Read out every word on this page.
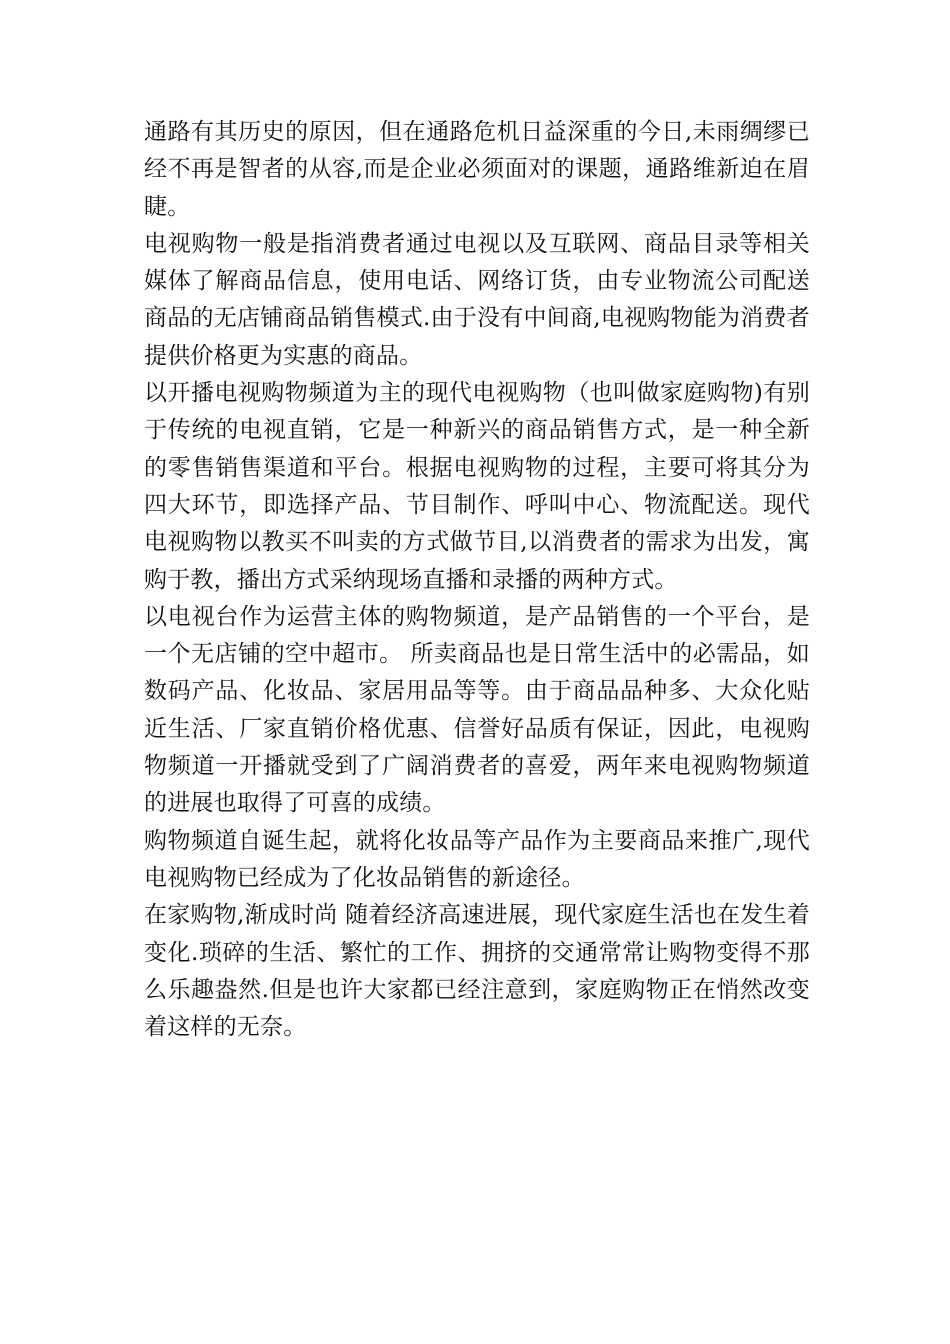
通路有其历史的原因，但在通路危机日益深重的今日,未雨绸缪已经不再是智者的从容,而是企业必须面对的课题，通路维新迫在眉睫。

电视购物一般是指消费者通过电视以及互联网、商品目录等相关媒体了解商品信息，使用电话、网络订货，由专业物流公司配送商品的无店铺商品销售模式.由于没有中间商,电视购物能为消费者提供价格更为实惠的商品。

以开播电视购物频道为主的现代电视购物（也叫做家庭购物)有别于传统的电视直销，它是一种新兴的商品销售方式，是一种全新的零售销售渠道和平台。根据电视购物的过程，主要可将其分为四大环节，即选择产品、节目制作、呼叫中心、物流配送。现代电视购物以教买不叫卖的方式做节目,以消费者的需求为出发，寓购于教，播出方式采纳现场直播和录播的两种方式。

以电视台作为运营主体的购物频道，是产品销售的一个平台，是一个无店铺的空中超市。 所卖商品也是日常生活中的必需品，如数码产品、化妆品、家居用品等等。由于商品品种多、大众化贴近生活、厂家直销价格优惠、信誉好品质有保证，因此，电视购物频道一开播就受到了广阔消费者的喜爱，两年来电视购物频道的进展也取得了可喜的成绩。

购物频道自诞生起，就将化妆品等产品作为主要商品来推广,现代电视购物已经成为了化妆品销售的新途径。

在家购物,渐成时尚 随着经济高速进展，现代家庭生活也在发生着变化.琐碎的生活、繁忙的工作、拥挤的交通常常让购物变得不那么乐趣盎然.但是也许大家都已经注意到，家庭购物正在悄然改变着这样的无奈。
